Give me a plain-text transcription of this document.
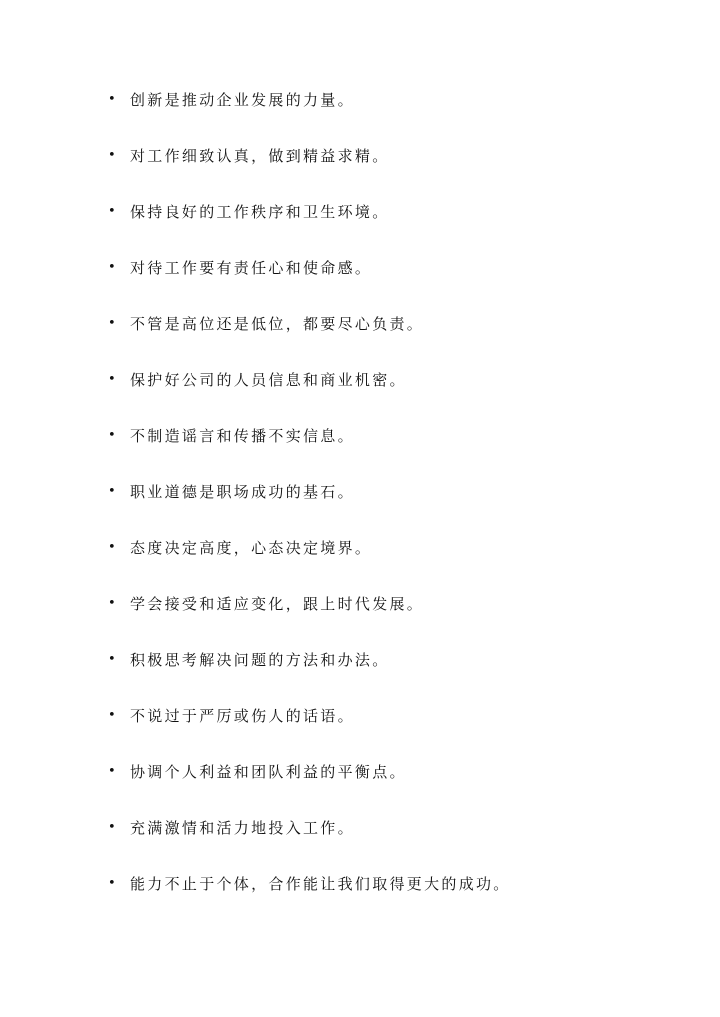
• 创新是推动企业发展的力量。
• 对工作细致认真，做到精益求精。
• 保持良好的工作秩序和卫生环境。
• 对待工作要有责任心和使命感。
• 不管是高位还是低位，都要尽心负责。
• 保护好公司的人员信息和商业机密。
• 不制造谣言和传播不实信息。
• 职业道德是职场成功的基石。
• 态度决定高度，心态决定境界。
• 学会接受和适应变化，跟上时代发展。
• 积极思考解决问题的方法和办法。
• 不说过于严厉或伤人的话语。
• 协调个人利益和团队利益的平衡点。
• 充满激情和活力地投入工作。
• 能力不止于个体，合作能让我们取得更大的成功。
